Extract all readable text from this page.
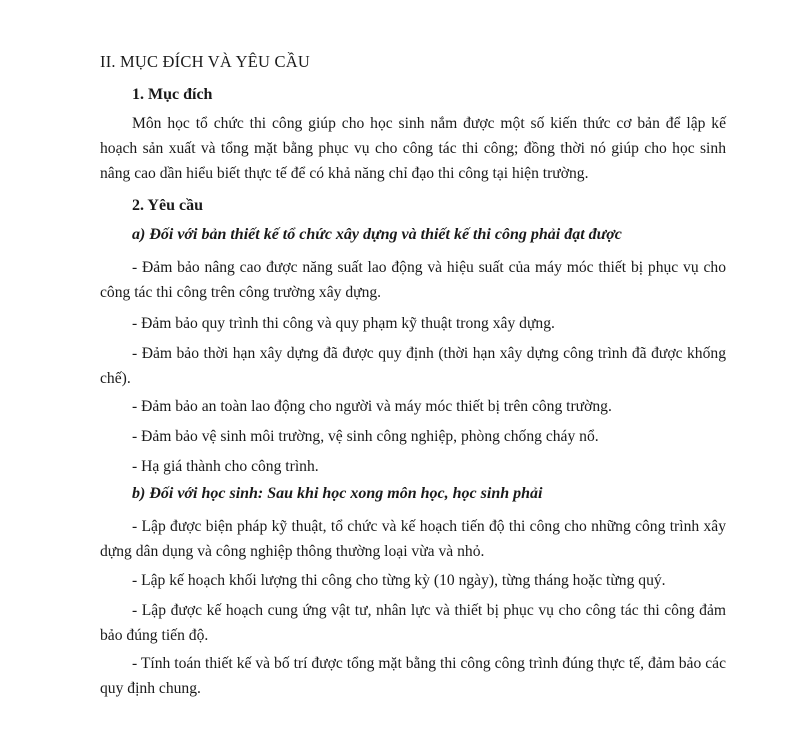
II. MỤC ĐÍCH VÀ YÊU CẦU
1. Mục đích

Môn học tổ chức thi công giúp cho học sinh nắm được một số kiến thức cơ bản để lập kế hoạch sản xuất và tổng mặt bằng phục vụ cho công tác thi công; đồng thời nó giúp cho học sinh nâng cao dần hiểu biết thực tế để có khả năng chỉ đạo thi công tại hiện trường.

2. Yêu cầu
a) Đối với bản thiết kế tổ chức xây dựng và thiết kế thi công phải đạt được

- Đảm bảo nâng cao được năng suất lao động và hiệu suất của máy móc thiết bị phục vụ cho công tác thi công trên công trường xây dựng.

- Đảm bảo quy trình thi công và quy phạm kỹ thuật trong xây dựng.

- Đảm bảo thời hạn xây dựng đã được quy định (thời hạn xây dựng công trình đã được khống chế).

- Đảm bảo an toàn lao động cho người và máy móc thiết bị trên công trường.

- Đảm bảo vệ sinh môi trường, vệ sinh công nghiệp, phòng chống cháy nổ.

- Hạ giá thành cho công trình.

b) Đối với học sinh: Sau khi học xong môn học, học sinh phải

- Lập được biện pháp kỹ thuật, tổ chức và kế hoạch tiến độ thi công cho những công trình xây dựng dân dụng và công nghiệp thông thường loại vừa và nhỏ.

- Lập kế hoạch khối lượng thi công cho từng kỳ (10 ngày), từng tháng hoặc từng quý.

- Lập được kế hoạch cung ứng vật tư, nhân lực và thiết bị phục vụ cho công tác thi công đảm bảo đúng tiến độ.

- Tính toán thiết kế và bố trí được tổng mặt bằng thi công công trình đúng thực tế, đảm bảo các quy định chung.
